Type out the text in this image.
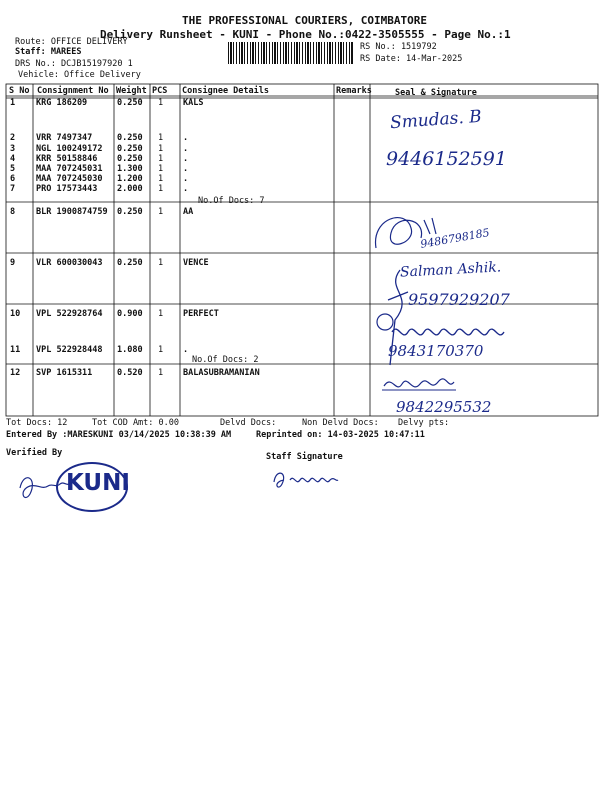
THE PROFESSIONAL COURIERS, COIMBATORE
Delivery Runsheet - KUNI - Phone No.:0422-3505555 - Page No.:1
Route: OFFICE DELIVERY
Staff: MAREES
DRS No.: DCJB15197920 1
Vehicle: Office Delivery
RS No.: 1519792
RS Date: 14-Mar-2025
S No Consignment No Weight PCS Consignee Details	Remarks	Seal & Signature
1 KRG 186209	0.250 1 KALS
2 VRR 7497347	0.250 1 .
3 NGL 100249172 0.250 1 .
4 KRR 50158846 0.250 1 .
5 MAA 707245031 1.300 1 .
6 MAA 707245030 1.200 1 .
7 PRO 17573443 2.000 1 .
8 BLR 1900874759 0.250 1 AA
9 VLR 600030043 0.250 1 VENCE
10 VPL 522928764 0.900 1 PERFECT
11 VPL 522928448 1.080 1 .
12 SVP 1615311	0.520 1 BALASUBRAMANIAN
No.Of Docs: 7
No.Of Docs: 2
Smudas. B
9446152591
9486798185
Salman Ashik.
9597929207
9843170370
9842295532
Tot Docs: 12	Tot COD Amt: 0.00	Delvd Docs:	Non Delvd Docs: Delvy pts:
Entered By :MARESKUNI 03/14/2025 10:38:39 AM	Reprinted on: 14-03-2025 10:47:11
Verified By	Staff Signature
KUNI
